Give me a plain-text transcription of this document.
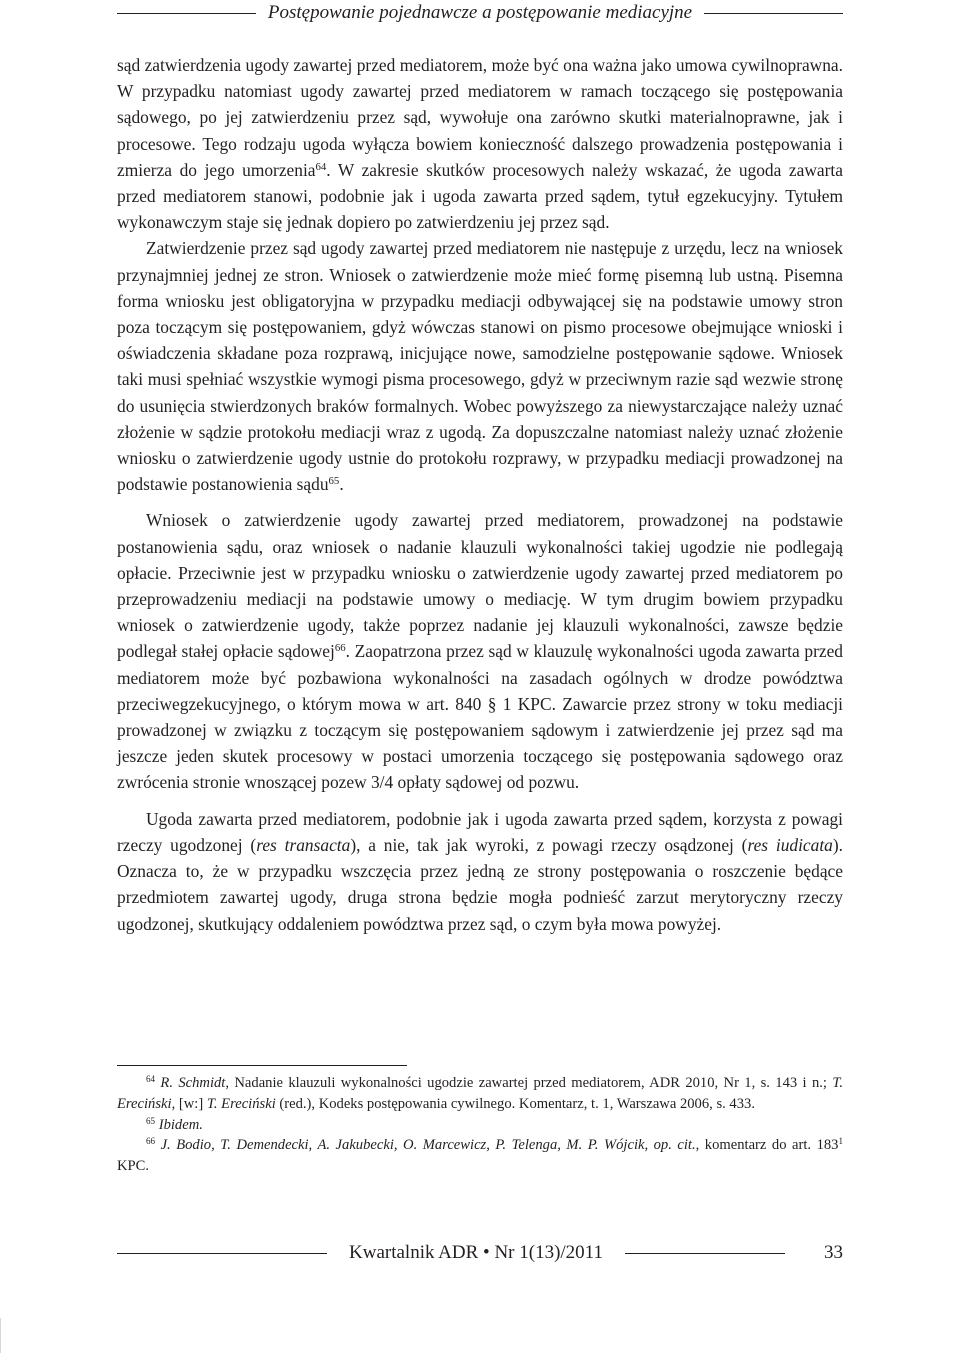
Postępowanie pojednawcze a postępowanie mediacyjne

sąd zatwierdzenia ugody zawartej przed mediatorem, może być ona ważna jako umowa cywilnoprawna. W przypadku natomiast ugody zawartej przed mediatorem w ramach toczącego się postępowania sądowego, po jej zatwierdzeniu przez sąd, wywołuje ona zarówno skutki materialnoprawne, jak i procesowe. Tego rodzaju ugoda wyłącza bowiem konieczność dalszego prowadzenia postępowania i zmierza do jego umorzenia$^{64}$. W zakresie skutków procesowych należy wskazać, że ugoda zawarta przed mediatorem stanowi, podobnie jak i ugoda zawarta przed sądem, tytuł egzekucyjny. Tytułem wykonawczym staje się jednak dopiero po zatwierdzeniu jej przez sąd.

Zatwierdzenie przez sąd ugody zawartej przed mediatorem nie następuje z urzędu, lecz na wniosek przynajmniej jednej ze stron. Wniosek o zatwierdzenie może mieć formę pisemną lub ustną. Pisemna forma wniosku jest obligatoryjna w przypadku mediacji odbywającej się na podstawie umowy stron poza toczącym się postępowaniem, gdyż wówczas stanowi on pismo procesowe obejmujące wnioski i oświadczenia składane poza rozprawą, inicjujące nowe, samodzielne postępowanie sądowe. Wniosek taki musi spełniać wszystkie wymogi pisma procesowego, gdyż w przeciwnym razie sąd wezwie stronę do usunięcia stwierdzonych braków formalnych. Wobec powyższego za niewystarczające należy uznać złożenie w sądzie protokołu mediacji wraz z ugodą. Za dopuszczalne natomiast należy uznać złożenie wniosku o zatwierdzenie ugody ustnie do protokołu rozprawy, w przypadku mediacji prowadzonej na podstawie postanowienia sądu$^{65}$.

Wniosek o zatwierdzenie ugody zawartej przed mediatorem, prowadzonej na podstawie postanowienia sądu, oraz wniosek o nadanie klauzuli wykonalności takiej ugodzie nie podlegają opłacie. Przeciwnie jest w przypadku wniosku o zatwierdzenie ugody zawartej przed mediatorem po przeprowadzeniu mediacji na podstawie umowy o mediację. W tym drugim bowiem przypadku wniosek o zatwierdzenie ugody, także poprzez nadanie jej klauzuli wykonalności, zawsze będzie podlegał stałej opłacie sądowej$^{66}$. Zaopatrzona przez sąd w klauzulę wykonalności ugoda zawarta przed mediatorem może być pozbawiona wykonalności na zasadach ogólnych w drodze powództwa przeciwegzekucyjnego, o którym mowa w art. 840 § 1 KPC. Zawarcie przez strony w toku mediacji prowadzonej w związku z toczącym się postępowaniem sądowym i zatwierdzenie jej przez sąd ma jeszcze jeden skutek procesowy w postaci umorzenia toczącego się postępowania sądowego oraz zwrócenia stronie wnoszącej pozew 3/4 opłaty sądowej od pozwu.

Ugoda zawarta przed mediatorem, podobnie jak i ugoda zawarta przed sądem, korzysta z powagi rzeczy ugodzonej (res transacta), a nie, tak jak wyroki, z powagi rzeczy osądzonej (res iudicata). Oznacza to, że w przypadku wszczęcia przez jedną ze strony postępowania o roszczenie będące przedmiotem zawartej ugody, druga strona będzie mogła podnieść zarzut merytoryczny rzeczy ugodzonej, skutkujący oddaleniem powództwa przez sąd, o czym była mowa powyżej.

$^{64}$ R. Schmidt, Nadanie klauzuli wykonalności ugodzie zawartej przed mediatorem, ADR 2010, Nr 1, s. 143 i n.; T. Ereciński, [w:] T. Ereciński (red.), Kodeks postępowania cywilnego. Komentarz, t. 1, Warszawa 2006, s. 433.

$^{65}$ Ibidem.

$^{66}$ J. Bodio, T. Demendecki, A. Jakubecki, O. Marcewicz, P. Telenga, M. P. Wójcik, op. cit., komentarz do art. $183^1$ KPC.

Kwartalnik ADR • Nr 1(13)/2011	33
